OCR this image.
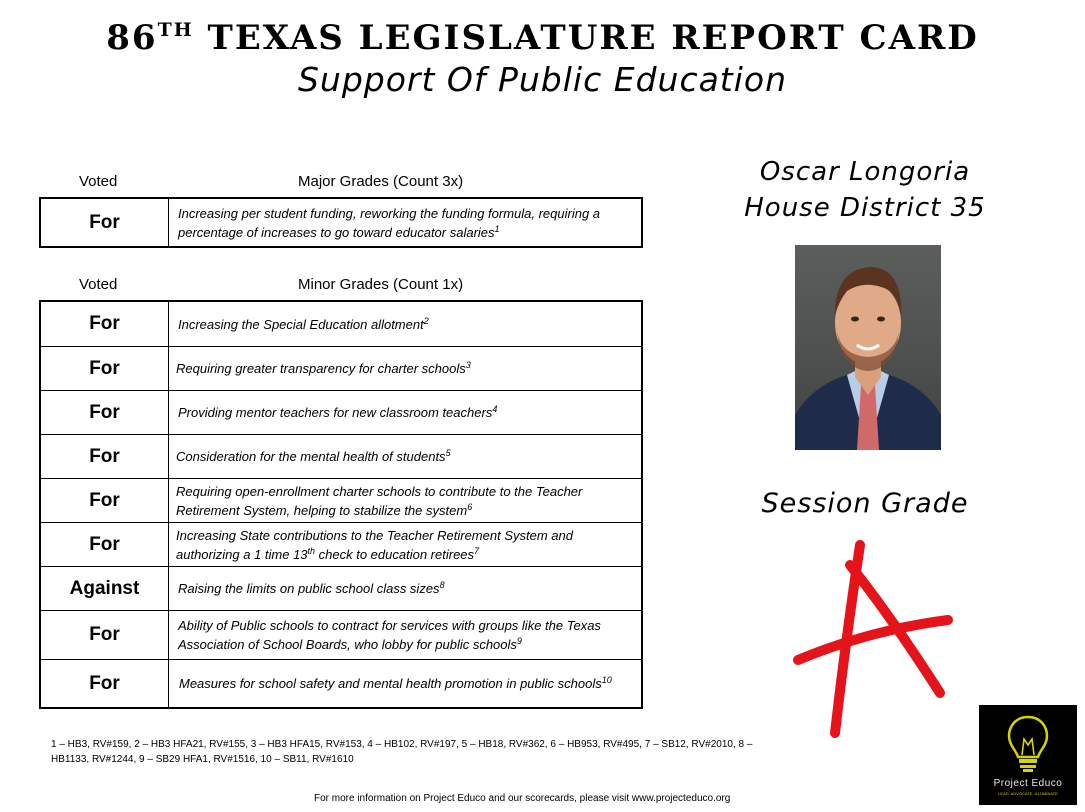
86TH TEXAS LEGISLATURE REPORT CARD
Support Of Public Education
Voted	Major Grades (Count 3x)
For	Increasing per student funding, reworking the funding formula, requiring a percentage of increases to go toward educator salaries$^1$
Voted	Minor Grades (Count 1x)
For	Increasing the Special Education allotment$^2$
For	Requiring greater transparency for charter schools$^3$
For	Providing mentor teachers for new classroom teachers$^4$
For	Consideration for the mental health of students$^5$
For	Requiring open-enrollment charter schools to contribute to the Teacher Retirement System, helping to stabilize the system$^6$
For	Increasing State contributions to the Teacher Retirement System and authorizing a 1 time 13th check to education retirees$^7$
Against	Raising the limits on public school class sizes$^8$
For	Ability of Public schools to contract for services with groups like the Texas Association of School Boards, who lobby for public schools$^9$
For	Measures for school safety and mental health promotion in public schools$^{10}$
Oscar Longoria
House District 35
Session Grade
A
1 – HB3, RV#159, 2 – HB3 HFA21, RV#155, 3 – HB3 HFA15, RV#153, 4 – HB102, RV#197, 5 – HB18, RV#362, 6 – HB953, RV#495, 7 – SB12, RV#2010, 8 – HB1133, RV#1244, 9 – SB29 HFA1, RV#1516, 10 – SB11, RV#1610
For more information on Project Educo and our scorecards, please visit www.projecteduco.org
Project Educo
LEAD. ADVOCATE. ILLUMINATE
